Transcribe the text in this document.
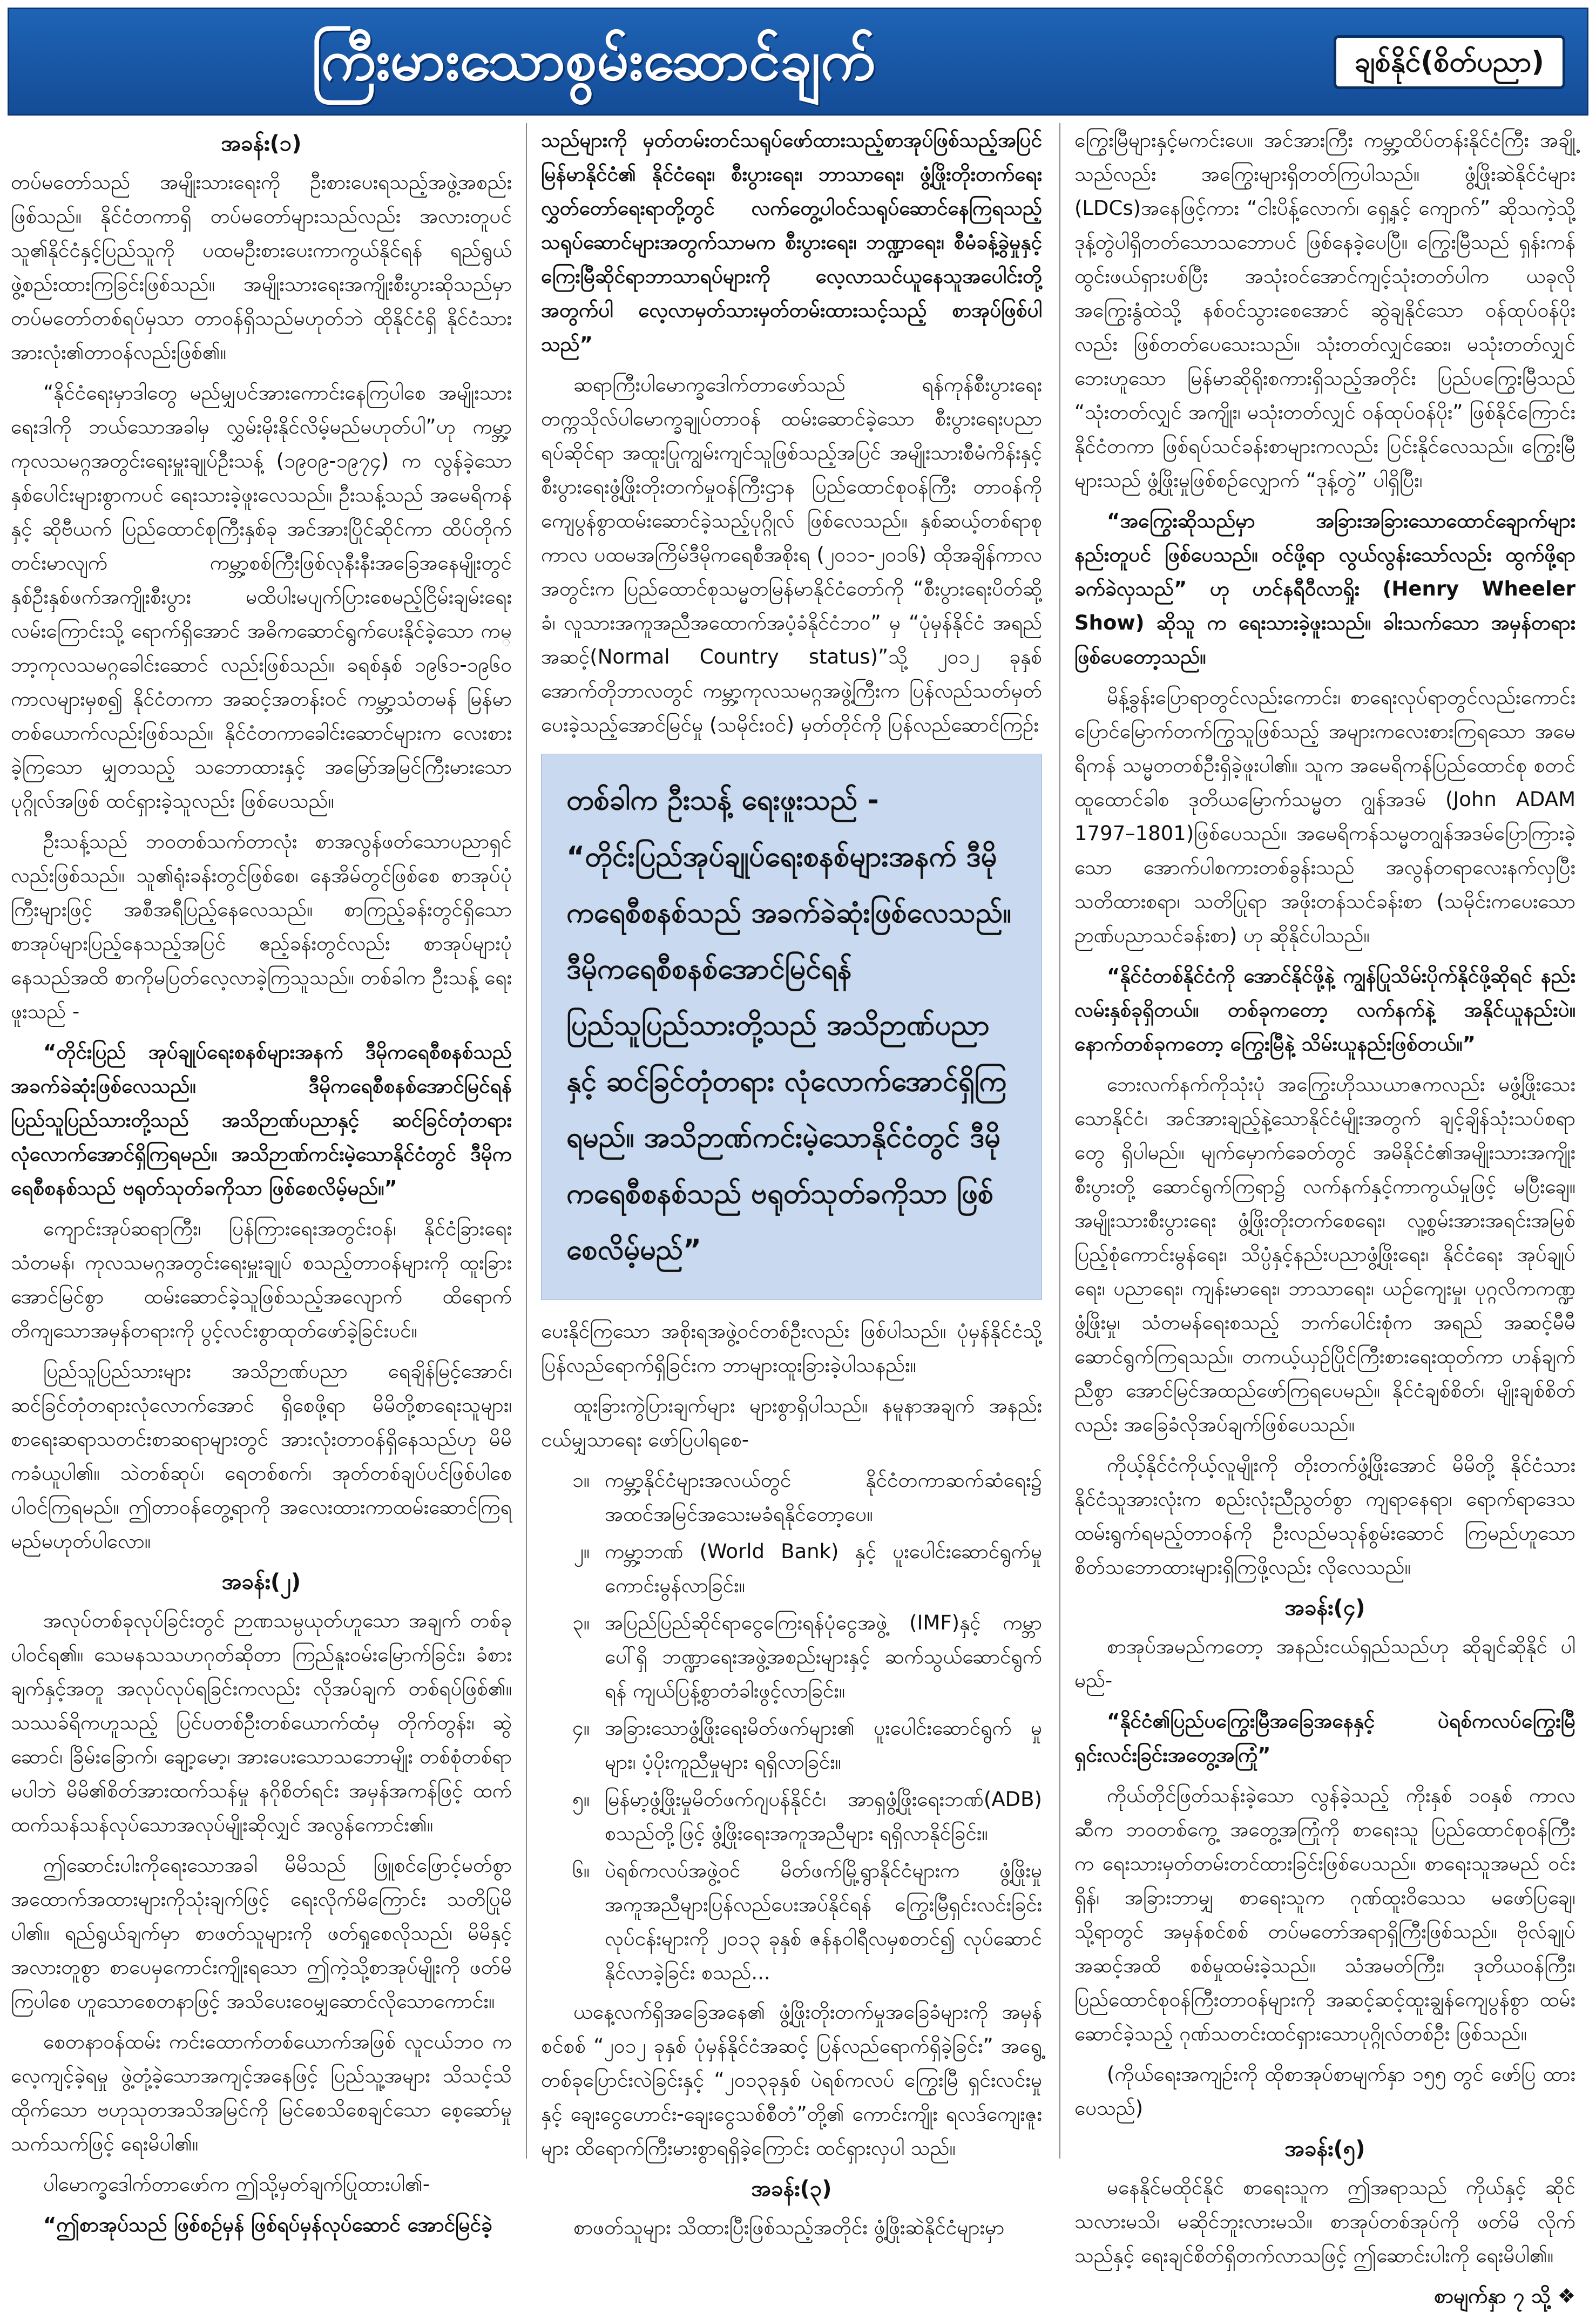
ကြီးမားသောစွမ်းဆောင်ချက်	ချစ်နိုင်(စိတ်ပညာ)
အခန်း(၁)

တပ်မတော်သည် အမျိုးသားရေးကို ဦးစားပေးရသည့်အဖွဲ့အစည်း ဖြစ်သည်။ နိုင်ငံတကာရှိ တပ်မတော်များသည်လည်း အလားတူပင် သူ၏နိုင်ငံနှင့်ပြည်သူကို ပထမဦးစားပေးကာကွယ်နိုင်ရန် ရည်ရွယ်ဖွဲ့စည်းထားကြခြင်းဖြစ်သည်။ အမျိုးသားရေးအကျိုးစီးပွားဆိုသည်မှာ တပ်မတော်တစ်ရပ်မှသာ တာဝန်ရှိသည်မဟုတ်ဘဲ ထိုနိုင်ငံရှိ နိုင်ငံသားအားလုံး၏တာဝန်လည်းဖြစ်၏။

“နိုင်ငံရေးမှာဒါတွေ မည်မျှပင်အားကောင်းနေကြပါစေ အမျိုးသားရေးဒါကို ဘယ်သောအခါမှ လွှမ်းမိုးနိုင်လိမ့်မည်မဟုတ်ပါ”ဟု ကမ္ဘာ့ကုလသမဂ္ဂအတွင်းရေးမှူးချုပ်ဦးသန့် (၁၉၀၉-၁၉၇၄) က လွန်ခဲ့သောနှစ်ပေါင်းများစွာကပင် ရေးသားခဲ့ဖူးလေသည်။ ဦးသန့်သည် အမေရိကန်နှင့် ဆိုဗီယက် ပြည်ထောင်စုကြီးနှစ်ခု အင်အားပြိုင်ဆိုင်ကာ ထိပ်တိုက်တင်းမာလျက် ကမ္ဘာ့စစ်ကြီးဖြစ်လုနီးနီးအခြေအနေမျိုးတွင် နှစ်ဦးနှစ်ဖက်အကျိုးစီးပွား မထိပါးမပျက်ပြားစေမည့်ငြိမ်းချမ်းရေးလမ်းကြောင်းသို့ ရောက်ရှိအောင် အဓိကဆောင်ရွက်ပေးနိုင်ခဲ့သော ကမ္ဘာ့ကုလသမဂ္ဂခေါင်းဆောင် လည်းဖြစ်သည်။ ခရစ်နှစ် ၁၉၆၁-၁၉၆၀ ကာလများမှစ၍ နိုင်ငံတကာ အဆင့်အတန်းဝင် ကမ္ဘာ့သံတမန် မြန်မာတစ်ယောက်လည်းဖြစ်သည်။ နိုင်ငံတကာခေါင်းဆောင်များက လေးစားခဲ့ကြသော မျှတသည့် သဘောထားနှင့် အမြော်အမြင်ကြီးမားသောပုဂ္ဂိုလ်အဖြစ် ထင်ရှားခဲ့သူလည်း ဖြစ်ပေသည်။

ဦးသန့်သည် ဘဝတစ်သက်တာလုံး စာအလွန်ဖတ်သောပညာရှင် လည်းဖြစ်သည်။ သူ၏ရုံးခန်းတွင်ဖြစ်စေ၊ နေအိမ်တွင်ဖြစ်စေ စာအုပ်ပုံကြီးများဖြင့် အစီအရီပြည့်နေလေသည်။ စာကြည့်ခန်းတွင်ရှိသော စာအုပ်များပြည့်နေသည့်အပြင် ဧည့်ခန်းတွင်လည်း စာအုပ်များပုံနေသည်အထိ စာကိုမပြတ်လေ့လာခဲ့ကြသူသည်။ တစ်ခါက ဦးသန့် ရေးဖူးသည် -

“တိုင်းပြည် အုပ်ချုပ်ရေးစနစ်များအနက် ဒီမိုကရေစီစနစ်သည် အခက်ခဲဆုံးဖြစ်လေသည်။ ဒီမိုကရေစီစနစ်အောင်မြင်ရန် ပြည်သူပြည်သားတို့သည် အသိဉာဏ်ပညာနှင့် ဆင်ခြင်တုံတရား လုံလောက်အောင်ရှိကြရမည်။ အသိဉာဏ်ကင်းမဲ့သောနိုင်ငံတွင် ဒီမိုကရေစီစနစ်သည် ဗရုတ်သုတ်ခကိုသာ ဖြစ်စေလိမ့်မည်။”

ကျောင်းအုပ်ဆရာကြီး၊ ပြန်ကြားရေးအတွင်းဝန်၊ နိုင်ငံခြားရေး သံတမန်၊ ကုလသမဂ္ဂအတွင်းရေးမှူးချုပ် စသည့်တာဝန်များကို ထူးခြားအောင်မြင်စွာ ထမ်းဆောင်ခဲ့သူဖြစ်သည့်အလျောက် ထိရောက် တိကျသောအမှန်တရားကို ပွင့်လင်းစွာထုတ်ဖော်ခဲ့ခြင်းပင်။

ပြည်သူပြည်သားများ အသိဉာဏ်ပညာ ရေချိန်မြင့်အောင်၊ ဆင်ခြင်တုံတရားလုံလောက်အောင် ရှိစေဖို့ရာ မိမိတို့စာရေးသူများ၊ စာရေးဆရာသတင်းစာဆရာများတွင် အားလုံးတာဝန်ရှိနေသည်ဟု မိမိကခံယူပါ၏။ သဲတစ်ဆုပ်၊ ရေတစ်စက်၊ အုတ်တစ်ချပ်ပင်ဖြစ်ပါစေ ပါဝင်ကြရမည်။ ဤတာဝန်တွေ့ရာကို အလေးထားကာထမ်းဆောင်ကြရမည်မဟုတ်ပါလော။

အခန်း(၂)

အလုပ်တစ်ခုလုပ်ခြင်းတွင် ဉာဏသမ္ပယုတ်ဟူသော အချက် တစ်ခုပါဝင်ရ၏။ သေမနသသဟဂုတ်ဆိုတာ ကြည်နူးဝမ်းမြောက်ခြင်း၊ ခံစားချက်နှင့်အတူ အလုပ်လုပ်ရခြင်းကလည်း လိုအပ်ချက် တစ်ရပ်ဖြစ်၏။ သဿခ်ရိကဟူသည့် ပြင်ပတစ်ဦးတစ်ယောက်ထံမှ တိုက်တွန်း၊ ဆွဲဆောင်၊ ခြိမ်းခြောက်၊ ချော့မော့၊ အားပေးသောသဘောမျိုး တစ်စုံတစ်ရာမပါဘဲ မိမိ၏စိတ်အားထက်သန်မှု နဂိုစိတ်ရင်း အမှန်အကန်ဖြင့် ထက်ထက်သန်သန်လုပ်သောအလုပ်မျိုးဆိုလျှင် အလွန်ကောင်း၏။

ဤဆောင်းပါးကိုရေးသောအခါ မိမိသည် ဖြူစင်ဖြောင့်မတ်စွာ အထောက်အထားများကိုသုံးချက်ဖြင့် ရေးလိုက်မိကြောင်း သတိပြုမိပါ၏။ ရည်ရွယ်ချက်မှာ စာဖတ်သူများကို ဖတ်ရှုစေလိုသည်၊ မိမိနှင့်အလားတူစွာ စာပေမှကောင်းကျိုးရသော ဤကဲ့သို့စာအုပ်မျိုးကို ဖတ်မိကြပါစေ ဟူသောစေတနာဖြင့် အသိပေးဝေမျှဆောင်လိုသောကောင်း။

စေတနာဝန်ထမ်း ကင်းထောက်တစ်ယောက်အဖြစ် လူငယ်ဘဝ က လေ့ကျင့်ခဲ့ရမှု ဖွဲ့တုံ့ခဲ့သောအကျင့်အနေဖြင့် ပြည်သူ့အများ သိသင့်သိထိုက်သော ဗဟုသုတအသိအမြင်ကို မြင်စေသိစေချင်သော စေ့ဆော်မှုသက်သက်ဖြင့် ရေးမိပါ၏။

ပါမောက္ခဒေါက်တာဖော်က ဤသို့မှတ်ချက်ပြုထားပါ၏-

“ဤစာအုပ်သည် ဖြစ်စဉ်မှန် ဖြစ်ရပ်မှန်လုပ်ဆောင် အောင်မြင်ခဲ့

သည်များကို မှတ်တမ်းတင်သရုပ်ဖော်ထားသည့်စာအုပ်ဖြစ်သည့်အပြင် မြန်မာနိုင်ငံ၏ နိုင်ငံရေး၊ စီးပွားရေး၊ ဘာသာရေး၊ ဖွံ့ဖြိုးတိုးတက်ရေး လွှတ်တော်ရေးရာတို့တွင် လက်တွေ့ပါဝင်သရုပ်ဆောင်နေကြရသည့် သရုပ်ဆောင်များအတွက်သာမက စီးပွားရေး၊ ဘဏ္ဍာရေး၊ စီမံခန့်ခွဲမှုနှင့် ကြေးမြီဆိုင်ရာဘာသာရပ်များကို လေ့လာသင်ယူနေသူအပေါင်းတို့ အတွက်ပါ လေ့လာမှတ်သားမှတ်တမ်းထားသင့်သည့် စာအုပ်ဖြစ်ပါ သည်”

ဆရာကြီးပါမောက္ခဒေါက်တာဖော်သည် ရန်ကုန်စီးပွားရေး တက္ကသိုလ်ပါမောက္ခချုပ်တာဝန် ထမ်းဆောင်ခဲ့သော စီးပွားရေးပညာ ရပ်ဆိုင်ရာ အထူးပြုကျွမ်းကျင်သူဖြစ်သည့်အပြင် အမျိုးသားစီမံကိန်းနှင့် စီးပွားရေးဖွံ့ဖြိုးတိုးတက်မှုဝန်ကြီးဌာန ပြည်ထောင်စုဝန်ကြီး တာဝန်ကို ကျေပွန်စွာထမ်းဆောင်ခဲ့သည့်ပုဂ္ဂိုလ် ဖြစ်လေသည်။ နှစ်ဆယ့်တစ်ရာစုကာလ ပထမအကြိမ်ဒီမိုကရေစီအစိုးရ (၂၀၁၁-၂၀၁၆) ထိုအချိန်ကာလအတွင်းက ပြည်ထောင်စုသမ္မတမြန်မာနိုင်ငံတော်ကို “စီးပွားရေးပိတ်ဆို့ခံ၊ လူသားအကူအညီအထောက်အပံ့ခံနိုင်ငံဘဝ” မှ “ပုံမှန်နိုင်ငံ အရည်အဆင့်(Normal Country status)”သို့ ၂၀၁၂ ခုနှစ် အောက်တိုဘာလတွင် ကမ္ဘာ့ကုလသမဂ္ဂအဖွဲ့ကြီးက ပြန်လည်သတ်မှတ် ပေးခဲ့သည့်အောင်မြင်မှု (သမိုင်းဝင်) မှတ်တိုင်ကို ပြန်လည်ဆောင်ကြဉ်း

တစ်ခါက ဦးသန့် ရေးဖူးသည် -
“တိုင်းပြည်အုပ်ချုပ်ရေးစနစ်များအနက် ဒီမိုကရေစီစနစ်သည် အခက်ခဲဆုံးဖြစ်လေသည်။ ဒီမိုကရေစီစနစ်အောင်မြင်ရန် ပြည်သူပြည်သားတို့သည် အသိဉာဏ်ပညာနှင့် ဆင်ခြင်တုံတရား လုံလောက်အောင်ရှိကြရမည်။ အသိဉာဏ်ကင်းမဲ့သောနိုင်ငံတွင် ဒီမိုကရေစီစနစ်သည် ဗရုတ်သုတ်ခကိုသာ ဖြစ်စေလိမ့်မည်”

ပေးနိုင်ကြသော အစိုးရအဖွဲ့ဝင်တစ်ဦးလည်း ဖြစ်ပါသည်။ ပုံမှန်နိုင်ငံသို့ ပြန်လည်ရောက်ရှိခြင်းက ဘာများထူးခြားခဲ့ပါသနည်း။

ထူးခြားကွဲပြားချက်များ များစွာရှိပါသည်။ နမူနာအချက် အနည်း ငယ်မျှသာရေး ဖော်ပြပါရစေ-

၁။ ကမ္ဘာ့နိုင်ငံများအလယ်တွင် နိုင်ငံတကာဆက်ဆံရေး၌ အထင်အမြင်အသေးမခံရနိုင်တော့ပေ။
၂။ ကမ္ဘာ့ဘဏ် (World Bank) နှင့် ပူးပေါင်းဆောင်ရွက်မှု ကောင်းမွန်လာခြင်း။
၃။ အပြည်ပြည်ဆိုင်ရာငွေကြေးရန်ပုံငွေအဖွဲ့ (IMF)နှင့် ကမ္ဘာ ပေါ်ရှိ ဘဏ္ဍာရေးအဖွဲ့အစည်းများနှင့် ဆက်သွယ်ဆောင်ရွက် ရန် ကျယ်ပြန့်စွာတံခါးဖွင့်လာခြင်း။
၄။ အခြားသောဖွံ့ဖြိုးရေးမိတ်ဖက်များ၏ ပူးပေါင်းဆောင်ရွက် မှုများ၊ ပံ့ပိုးကူညီမှုများ ရရှိလာခြင်း။
၅။ မြန်မာ့ဖွံ့ဖြိုးမှုမိတ်ဖက်ဂျပန်နိုင်ငံ၊ အာရှဖွံ့ဖြိုးရေးဘဏ်(ADB) စသည်တို့ဖြင့် ဖွံ့ဖြိုးရေးအကူအညီများ ရရှိလာနိုင်ခြင်း။
၆။ ပဲရစ်ကလပ်အဖွဲ့ဝင် မိတ်ဖက်မြို့ရွာနိုင်ငံများက ဖွံ့ဖြိုးမှု အကူအညီများပြန်လည်ပေးအပ်နိုင်ရန် ကြွေးမြီရှင်းလင်းခြင်း လုပ်ငန်းများကို ၂၀၁၃ ခုနှစ် ဇန်နဝါရီလမှစတင်၍ လုပ်ဆောင်နိုင်လာခဲ့ခြင်း စသည်...

ယနေ့လက်ရှိအခြေအနေ၏ ဖွံ့ဖြိုးတိုးတက်မှုအခြေခံများကို အမှန်စင်စစ် “၂၀၁၂ ခုနှစ် ပုံမှန်နိုင်ငံအဆင့် ပြန်လည်ရောက်ရှိခဲ့ခြင်း” အရွေ့တစ်ခုပြောင်းလဲခြင်းနှင့် “၂၀၁၃ခုနှစ် ပဲရစ်ကလပ် ကြွေးမြီ ရှင်းလင်းမှုနှင့် ချေးငွေဟောင်း-ချေးငွေသစ်စီတံ”တို့၏ ကောင်းကျိုး ရလဒ်ကျေးဇူးများ ထိရောက်ကြီးမားစွာရရှိခဲ့ကြောင်း ထင်ရှားလှပါ သည်။

အခန်း(၃)

စာဖတ်သူများ သိထားပြီးဖြစ်သည့်အတိုင်း ဖွံ့ဖြိုးဆဲနိုင်ငံများမှာ

ကြွေးမြီများနှင့်မကင်းပေ။ အင်အားကြီး ကမ္ဘာ့ထိပ်တန်းနိုင်ငံကြီး အချို့သည်လည်း အကြွေးများရှိတတ်ကြပါသည်။ ဖွံ့ဖြိုးဆဲနိုင်ငံများ (LDCs)အနေဖြင့်ကား “ငါးပိန့်လောက်၊ ရှေ့နှင့် ကျောက်” ဆိုသကဲ့သို့ ဒုန့်တွဲပါရှိတတ်သောသဘောပင် ဖြစ်နေခဲ့ပေပြီ။ ကြွေးမြီသည် ရှန်းကန်ထွင်းဖယ်ရှားပစ်ပြီး အသုံးဝင်အောင်ကျင့်သုံးတတ်ပါက ယခုလို အကြွေးနွံထဲသို့ နစ်ဝင်သွားစေအောင် ဆွဲချနိုင်သော ဝန်ထုပ်ဝန်ပိုး လည်း ဖြစ်တတ်ပေသေးသည်။ သုံးတတ်လျှင်ဆေး၊ မသုံးတတ်လျှင် ဘေးဟူသော မြန်မာဆိုရိုးစကားရှိသည့်အတိုင်း ပြည်ပကြွေးမြီသည် “သုံးတတ်လျှင် အကျိုး၊ မသုံးတတ်လျှင် ဝန်ထုပ်ဝန်ပိုး” ဖြစ်နိုင်ကြောင်း နိုင်ငံတကာ ဖြစ်ရပ်သင်ခန်းစာများကလည်း ပြင်းနိုင်လေသည်။ ကြွေးမြီများသည် ဖွံ့ဖြိုးမှုဖြစ်စဉ်လျှောက် “ဒုန့်တွဲ” ပါရှိပြီး၊

“အကြွေးဆိုသည်မှာ အခြားအခြားသောထောင်ချောက်များ နည်းတူပင် ဖြစ်ပေသည်။ ဝင်ဖို့ရာ လွယ်လွန်းသော်လည်း ထွက်ဖို့ရာ ခက်ခဲလှသည်” ဟု ဟင်နရီဝီလာရှိုး (Henry Wheeler Show) ဆိုသူ က ရေးသားခဲ့ဖူးသည်။ ခါးသက်သော အမှန်တရားဖြစ်ပေတော့သည်။

မိန့်ခွန်းပြောရာတွင်လည်းကောင်း၊ စာရေးလုပ်ရာတွင်လည်းကောင်း ပြောင်မြောက်တက်ကြွသူဖြစ်သည့် အများကလေးစားကြရသော အမေရိကန် သမ္မတတစ်ဦးရှိခဲ့ဖူးပါ၏။ သူက အမေရိကန်ပြည်ထောင်စု စတင် ထူထောင်ခါစ ဒုတိယမြောက်သမ္မတ ဂျွန်အဒမ် (John ADAM 1797–1801)ဖြစ်ပေသည်။ အမေရိကန်သမ္မတဂျွန်အဒမ်ပြောကြားခဲ့သော အောက်ပါစကားတစ်ခွန်းသည် အလွန်တရာလေးနက်လှပြီး သတိထားစရာ၊ သတိပြုရာ အဖိုးတန်သင်ခန်းစာ (သမိုင်းကပေးသော ဉာဏ်ပညာသင်ခန်းစာ) ဟု ဆိုနိုင်ပါသည်။

“နိုင်ငံတစ်နိုင်ငံကို အောင်နိုင်ဖို့နဲ့ ကျွန်ပြုသိမ်းပိုက်နိုင်ဖို့ဆိုရင် နည်းလမ်းနှစ်ခုရှိတယ်။ တစ်ခုကတော့ လက်နက်နဲ့ အနိုင်ယူနည်းပဲ။ နောက်တစ်ခုကတော့ ကြွေးမြီနဲ့ သိမ်းယူနည်းဖြစ်တယ်။”

ဘေးလက်နက်ကိုသုံးပုံ အကြွေးဟိုဿယာဇကလည်း မဖွံ့ဖြိုးသေးသောနိုင်ငံ၊ အင်အားချည့်နဲ့သောနိုင်ငံမျိုးအတွက် ချင့်ချိန်သုံးသပ်စရာတွေ ရှိပါမည်။ မျက်မှောက်ခေတ်တွင် အမိနိုင်ငံ၏အမျိုးသားအကျိုး စီးပွားတို့ ဆောင်ရွက်ကြရာ၌ လက်နက်နှင့်ကာကွယ်မှုဖြင့် မပြီးချေ။ အမျိုးသားစီးပွားရေး ဖွံ့ဖြိုးတိုးတက်စေရေး၊ လူ့စွမ်းအားအရင်းအမြစ် ပြည့်စုံကောင်းမွန်ရေး၊ သိပ္ပံနှင့်နည်းပညာဖွံ့ဖြိုးရေး၊ နိုင်ငံရေး အုပ်ချုပ်ရေး၊ ပညာရေး၊ ကျန်းမာရေး၊ ဘာသာရေး၊ ယဉ်ကျေးမှု၊ ပုဂ္ဂလိကကဏ္ဍဖွံ့ဖြိုးမှု၊ သံတမန်ရေးစသည့် ဘက်ပေါင်းစုံက အရည် အဆင့်မီမီဆောင်ရွက်ကြရသည်။ တကယ့်ယှဉ်ပြိုင်ကြီးစားရေးထုတ်ကာ ဟန်ချက်ညီစွာ အောင်မြင်အထည်ဖော်ကြရပေမည်။ နိုင်ငံချစ်စိတ်၊ မျိုးချစ်စိတ်လည်း အခြေခံလိုအပ်ချက်ဖြစ်ပေသည်။

ကိုယ့်နိုင်ငံကိုယ့်လူမျိုးကို တိုးတက်ဖွံ့ဖြိုးအောင် မိမိတို့ နိုင်ငံသား နိုင်ငံသူအားလုံးက စည်းလုံးညီညွတ်စွာ ကျရာနေရာ၊ ရောက်ရာဒေသ ထမ်းရွက်ရမည့်တာဝန်ကို ဦးလည်မသုန်စွမ်းဆောင် ကြမည်ဟူသော စိတ်သဘောထားများရှိကြဖို့လည်း လိုလေသည်။

အခန်း(၄)

စာအုပ်အမည်ကတော့ အနည်းငယ်ရှည်သည်ဟု ဆိုချင်ဆိုနိုင် ပါမည်-

“နိုင်ငံ၏ပြည်ပကြွေးမြီအခြေအနေနှင့် ပဲရစ်ကလပ်ကြွေးမြီ ရှင်းလင်းခြင်းအတွေ့အကြုံ”

ကိုယ်တိုင်ဖြတ်သန်းခဲ့သော လွန်ခဲ့သည့် ကိုးနှစ် ၁၀နှစ် ကာလ ဆီက ဘဝတစ်ကွေ့ အတွေ့အကြုံကို စာရေးသူ ပြည်ထောင်စုဝန်ကြီး က ရေးသားမှတ်တမ်းတင်ထားခြင်းဖြစ်ပေသည်။ စာရေးသူအမည် ဝင်းရှိန်၊ အခြားဘာမျှ စာရေးသူက ဂုဏ်ထူးဝိသေသ မဖော်ပြချေ၊ သို့ရာတွင် အမှန်စင်စစ် တပ်မတော်အရာရှိကြီးဖြစ်သည်။ ဗိုလ်ချုပ် အဆင့်အထိ စစ်မှုထမ်းခဲ့သည်။ သံအမတ်ကြီး၊ ဒုတိယဝန်ကြီး၊ ပြည်ထောင်စုဝန်ကြီးတာဝန်များကို အဆင့်ဆင့်ထူးချွန်ကျေပွန်စွာ ထမ်းဆောင်ခဲ့သည့် ဂုဏ်သတင်းထင်ရှားသောပုဂ္ဂိုလ်တစ်ဦး ဖြစ်သည်။

(ကိုယ်ရေးအကျဉ်းကို ထိုစာအုပ်စာမျက်နှာ ၁၅၅ တွင် ဖော်ပြ ထားပေသည်)

အခန်း(၅)

မနေနိုင်မထိုင်နိုင် စာရေးသူက ဤအရာသည် ကိုယ်နှင့် ဆိုင်သလားမသိ၊ မဆိုင်ဘူးလားမသိ။ စာအုပ်တစ်အုပ်ကို ဖတ်မိ လိုက်သည်နှင့် ရေးချင်စိတ်ရှိတက်လာသဖြင့် ဤဆောင်းပါးကို ရေးမိပါ၏။

စာမျက်နှာ ၇ သို့ ❖
